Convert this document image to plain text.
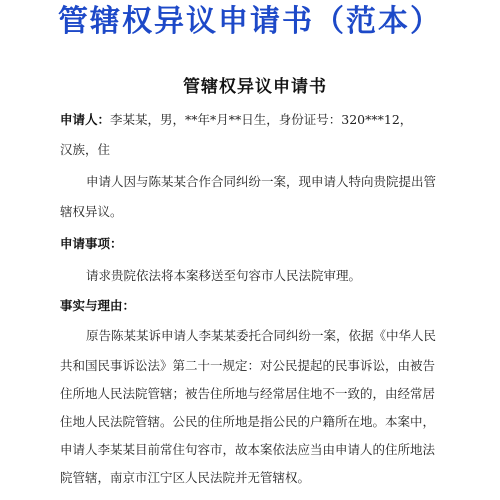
管辖权异议申请书（范本）
管辖权异议申请书
申请人：李某某，男，**年*月**日生，身份证号：320***12，
汉族，住
申请人因与陈某某合作合同纠纷一案，现申请人特向贵院提出管
辖权异议。
申请事项：
请求贵院依法将本案移送至句容市人民法院审理。
事实与理由：
原告陈某某诉申请人李某某委托合同纠纷一案，依据《中华人民
共和国民事诉讼法》第二十一规定：对公民提起的民事诉讼，由被告
住所地人民法院管辖；被告住所地与经常居住地不一致的，由经常居
住地人民法院管辖。公民的住所地是指公民的户籍所在地。本案中，
申请人李某某目前常住句容市，故本案依法应当由申请人的住所地法
院管辖，南京市江宁区人民法院并无管辖权。
